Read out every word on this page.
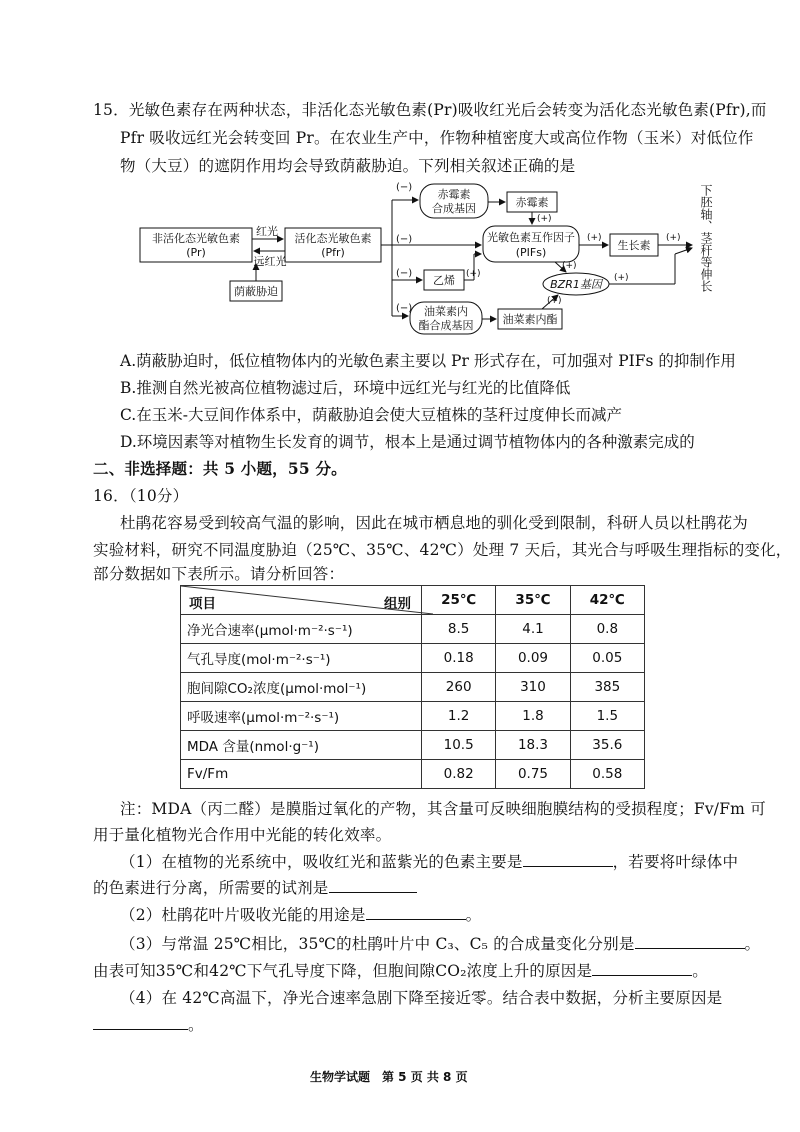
15．光敏色素存在两种状态，非活化态光敏色素(Pr)吸收红光后会转变为活化态光敏色素(Pfr),而
Pfr 吸收远红光会转变回 Pr。在农业生产中，作物种植密度大或高位作物（玉米）对低位作
物（大豆）的遮阴作用均会导致荫蔽胁迫。下列相关叙述正确的是
非活化态光敏色素
(Pr)
红光
远红光
荫蔽胁迫
活化态光敏色素
(Pfr)
赤霉素
合成基因	赤霉素
光敏色素互作因子
(PIFs)
生长素
乙烯	BZR1基因
油菜素内
酯合成基因	油菜素内酯
(−)
(−)
(−)
(−)
(+)
(+)	(+)
(+)
(+)
(+)
(+)	下胚轴、茎秆等伸长
A.荫蔽胁迫时，低位植物体内的光敏色素主要以 Pr 形式存在，可加强对 PIFs 的抑制作用
B.推测自然光被高位植物滤过后，环境中远红光与红光的比值降低
C.在玉米-大豆间作体系中，荫蔽胁迫会使大豆植株的茎秆过度伸长而减产
D.环境因素等对植物生长发育的调节，根本上是通过调节植物体内的各种激素完成的
二、非选择题：共 5 小题，55 分。
16．（10分）
杜鹃花容易受到较高气温的影响，因此在城市栖息地的驯化受到限制，科研人员以杜鹃花为
实验材料，研究不同温度胁迫（25℃、35℃、42℃）处理 7 天后，其光合与呼吸生理指标的变化，
部分数据如下表所示。请分析回答：
项目 组别	25℃	35℃	42℃
净光合速率(μmol·m⁻²·s⁻¹)	8.5	4.1	0.8
气孔导度(mol·m⁻²·s⁻¹)	0.18	0.09	0.05
胞间隙CO₂浓度(μmol·mol⁻¹)	260	310	385
呼吸速率(μmol·m⁻²·s⁻¹)	1.2	1.8	1.5
MDA 含量(nmol·g⁻¹)	10.5	18.3	35.6
Fv/Fm	0.82	0.75	0.58
注：MDA（丙二醛）是膜脂过氧化的产物，其含量可反映细胞膜结构的受损程度；Fv/Fm 可
用于量化植物光合作用中光能的转化效率。
（1）在植物的光系统中，吸收红光和蓝紫光的色素主要是	，若要将叶绿体中
的色素进行分离，所需要的试剂是
（2）杜鹃花叶片吸收光能的用途是	。
（3）与常温 25℃相比，35℃的杜鹃叶片中 C₃、C₅ 的合成量变化分别是	。
由表可知35℃和42℃下气孔导度下降，但胞间隙CO₂浓度上升的原因是	。
（4）在 42℃高温下，净光合速率急剧下降至接近零。结合表中数据，分析主要原因是
。
生物学试题　第 5 页 共 8 页
